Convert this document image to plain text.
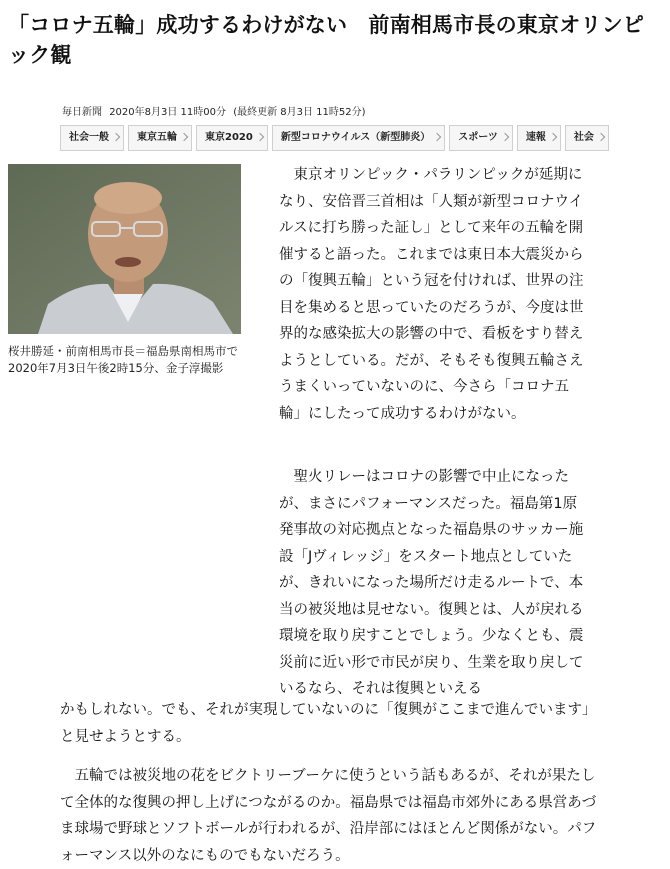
「コロナ五輪」成功するわけがない　前南相馬市長の東京オリンピック観
毎日新聞 2020年8月3日 11時00分 (最終更新 8月3日 11時52分)
社会一般	東京五輪	東京2020	新型コロナウイルス（新型肺炎）	スポーツ	速報	社会
桜井勝延・前南相馬市長＝福島県南相馬市で2020年7月3日午後2時15分、金子淳撮影

　東京オリンピック・パラリンピックが延期になり、安倍晋三首相は「人類が新型コロナウイルスに打ち勝った証し」として来年の五輪を開催すると語った。これまでは東日本大震災からの「復興五輪」という冠を付ければ、世界の注目を集めると思っていたのだろうが、今度は世界的な感染拡大の影響の中で、看板をすり替えようとしている。だが、そもそも復興五輪さえうまくいっていないのに、今さら「コロナ五輪」にしたって成功するわけがない。

　聖火リレーはコロナの影響で中止になったが、まさにパフォーマンスだった。福島第1原発事故の対応拠点となった福島県のサッカー施設「Jヴィレッジ」をスタート地点としていたが、きれいになった場所だけ走るルートで、本当の被災地は見せない。復興とは、人が戻れる環境を取り戻すことでしょう。少なくとも、震災前に近い形で市民が戻り、生業を取り戻しているなら、それは復興といえる

かもしれない。でも、それが実現していないのに「復興がここまで進んでいます」と見せようとする。

　五輪では被災地の花をビクトリーブーケに使うという話もあるが、それが果たして全体的な復興の押し上げにつながるのか。福島県では福島市郊外にある県営あづま球場で野球とソフトボールが行われるが、沿岸部にはほとんど関係がない。パフォーマンス以外のなにものでもないだろう。
